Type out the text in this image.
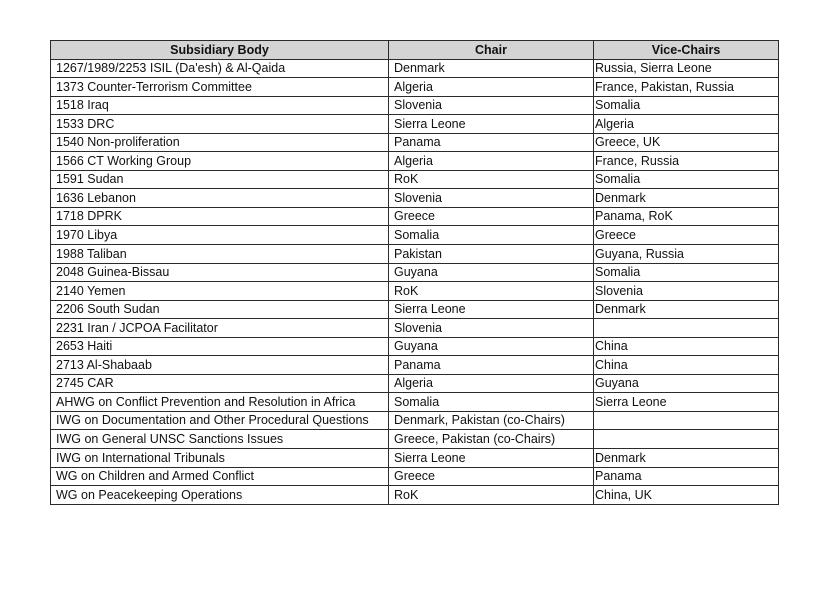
Subsidiary Body	Chair	Vice-Chairs
1267/1989/2253 ISIL (Da'esh) & Al-Qaida	Denmark	Russia, Sierra Leone
1373 Counter-Terrorism Committee	Algeria	France, Pakistan, Russia
1518 Iraq	Slovenia	Somalia
1533 DRC	Sierra Leone	Algeria
1540 Non-proliferation	Panama	Greece, UK
1566 CT Working Group	Algeria	France, Russia
1591 Sudan	RoK	Somalia
1636 Lebanon	Slovenia	Denmark
1718 DPRK	Greece	Panama, RoK
1970 Libya	Somalia	Greece
1988 Taliban	Pakistan	Guyana, Russia
2048 Guinea-Bissau	Guyana	Somalia
2140 Yemen	RoK	Slovenia
2206 South Sudan	Sierra Leone	Denmark
2231 Iran / JCPOA Facilitator	Slovenia	
2653 Haiti	Guyana	China
2713 Al-Shabaab	Panama	China
2745 CAR	Algeria	Guyana
AHWG on Conflict Prevention and Resolution in Africa	Somalia	Sierra Leone
IWG on Documentation and Other Procedural Questions	Denmark, Pakistan (co-Chairs)	
IWG on General UNSC Sanctions Issues	Greece, Pakistan (co-Chairs)	
IWG on International Tribunals	Sierra Leone	Denmark
WG on Children and Armed Conflict	Greece	Panama
WG on Peacekeeping Operations	RoK	China, UK
